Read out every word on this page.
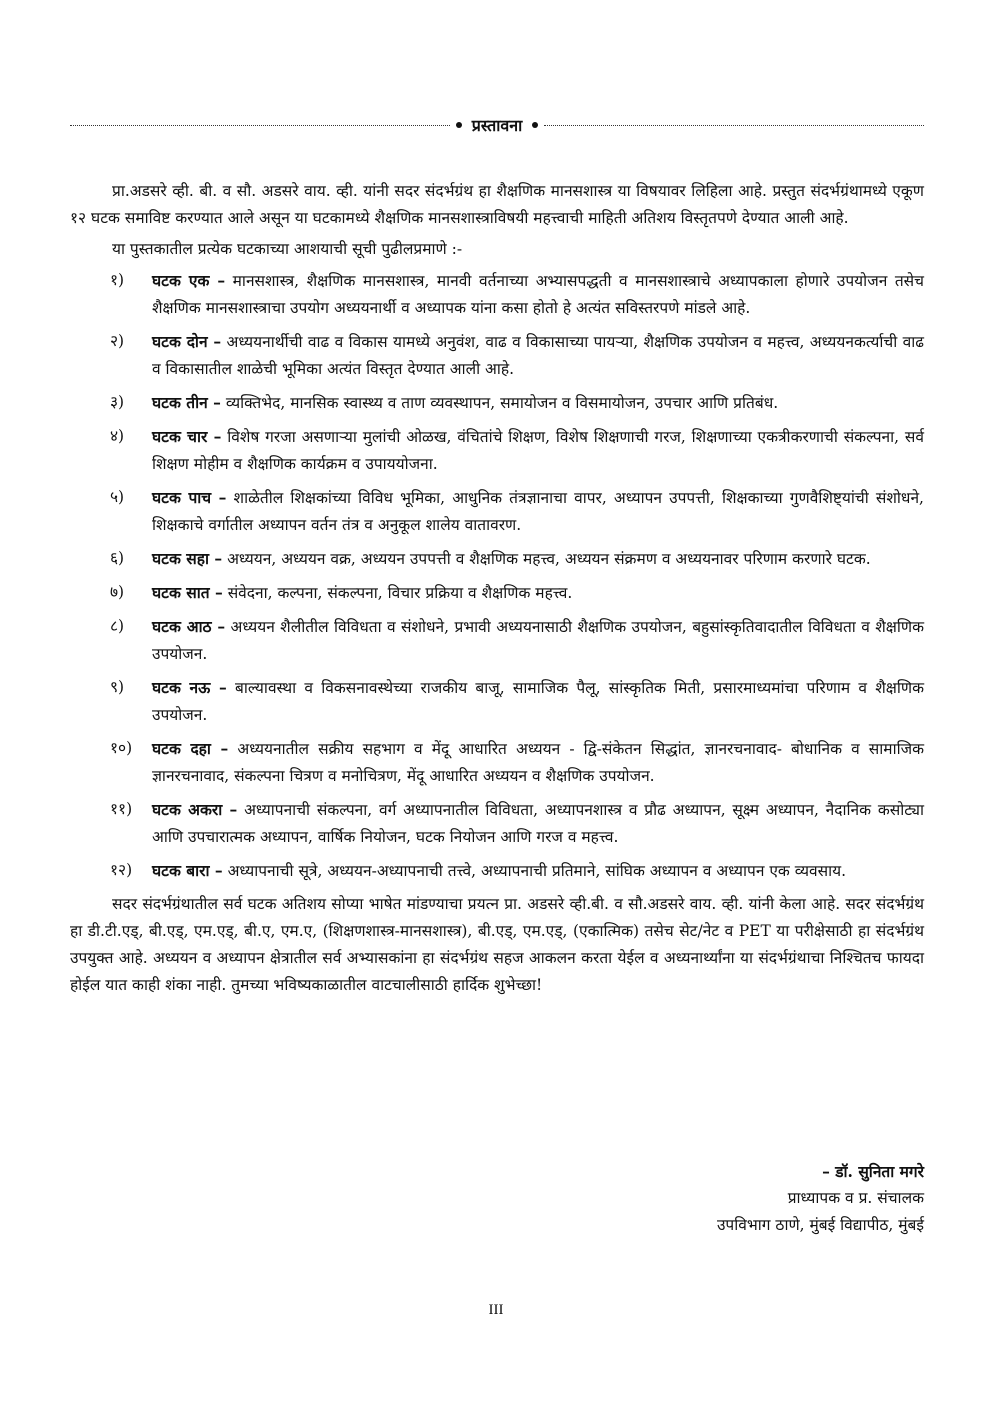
प्रस्तावना

प्रा.अडसरे व्ही. बी. व सौ. अडसरे वाय. व्ही. यांनी सदर संदर्भग्रंथ हा शैक्षणिक मानसशास्त्र या विषयावर लिहिला आहे. प्रस्तुत संदर्भग्रंथामध्ये एकूण १२ घटक समाविष्ट करण्यात आले असून या घटकामध्ये शैक्षणिक मानसशास्त्राविषयी महत्त्वाची माहिती अतिशय विस्तृतपणे देण्यात आली आहे.

या पुस्तकातील प्रत्येक घटकाच्या आशयाची सूची पुढीलप्रमाणे :-

१)	घटक एक – मानसशास्त्र, शैक्षणिक मानसशास्त्र, मानवी वर्तनाच्या अभ्यासपद्धती व मानसशास्त्राचे अध्यापकाला होणारे उपयोजन तसेच शैक्षणिक मानसशास्त्राचा उपयोग अध्ययनार्थी व अध्यापक यांना कसा होतो हे अत्यंत सविस्तरपणे मांडले आहे.
२)	घटक दोन – अध्ययनार्थीची वाढ व विकास यामध्ये अनुवंश, वाढ व विकासाच्या पायऱ्या, शैक्षणिक उपयोजन व महत्त्व, अध्ययनकर्त्याची वाढ व विकासातील शाळेची भूमिका अत्यंत विस्तृत देण्यात आली आहे.
३)	घटक तीन – व्यक्तिभेद, मानसिक स्वास्थ्य व ताण व्यवस्थापन, समायोजन व विसमायोजन, उपचार आणि प्रतिबंध.
४)	घटक चार – विशेष गरजा असणाऱ्या मुलांची ओळख, वंचितांचे शिक्षण, विशेष शिक्षणाची गरज, शिक्षणाच्या एकत्रीकरणाची संकल्पना, सर्व शिक्षण मोहीम व शैक्षणिक कार्यक्रम व उपाययोजना.
५)	घटक पाच – शाळेतील शिक्षकांच्या विविध भूमिका, आधुनिक तंत्रज्ञानाचा वापर, अध्यापन उपपत्ती, शिक्षकाच्या गुणवैशिष्ट्यांची संशोधने, शिक्षकाचे वर्गातील अध्यापन वर्तन तंत्र व अनुकूल शालेय वातावरण.
६)	घटक सहा – अध्ययन, अध्ययन वक्र, अध्ययन उपपत्ती व शैक्षणिक महत्त्व, अध्ययन संक्रमण व अध्ययनावर परिणाम करणारे घटक.
७)	घटक सात – संवेदना, कल्पना, संकल्पना, विचार प्रक्रिया व शैक्षणिक महत्त्व.
८)	घटक आठ – अध्ययन शैलीतील विविधता व संशोधने, प्रभावी अध्ययनासाठी शैक्षणिक उपयोजन, बहुसांस्कृतिवादातील विविधता व शैक्षणिक उपयोजन.
९)	घटक नऊ – बाल्यावस्था व विकसनावस्थेच्या राजकीय बाजू, सामाजिक पैलू, सांस्कृतिक मिती, प्रसारमाध्यमांचा परिणाम व शैक्षणिक उपयोजन.
१०)	घटक दहा – अध्ययनातील सक्रीय सहभाग व मेंदू आधारित अध्ययन - द्वि-संकेतन सिद्धांत, ज्ञानरचनावाद- बोधानिक व सामाजिक ज्ञानरचनावाद, संकल्पना चित्रण व मनोचित्रण, मेंदू आधारित अध्ययन व शैक्षणिक उपयोजन.
११)	घटक अकरा – अध्यापनाची संकल्पना, वर्ग अध्यापनातील विविधता, अध्यापनशास्त्र व प्रौढ अध्यापन, सूक्ष्म अध्यापन, नैदानिक कसोट्या आणि उपचारात्मक अध्यापन, वार्षिक नियोजन, घटक नियोजन आणि गरज व महत्त्व.
१२)	घटक बारा – अध्यापनाची सूत्रे, अध्ययन-अध्यापनाची तत्त्वे, अध्यापनाची प्रतिमाने, सांघिक अध्यापन व अध्यापन एक व्यवसाय.

सदर संदर्भग्रंथातील सर्व घटक अतिशय सोप्या भाषेत मांडण्याचा प्रयत्न प्रा. अडसरे व्ही.बी. व सौ.अडसरे वाय. व्ही. यांनी केला आहे. सदर संदर्भग्रंथ हा डी.टी.एड्, बी.एड्, एम.एड्, बी.ए, एम.ए, (शिक्षणशास्त्र-मानसशास्त्र), बी.एड्, एम.एड्, (एकात्मिक) तसेच सेट/नेट व PET या परीक्षेसाठी हा संदर्भग्रंथ उपयुक्त आहे. अध्ययन व अध्यापन क्षेत्रातील सर्व अभ्यासकांना हा संदर्भग्रंथ सहज आकलन करता येईल व अध्यनार्थ्यांना या संदर्भग्रंथाचा निश्चितच फायदा होईल यात काही शंका नाही. तुमच्या भविष्यकाळातील वाटचालीसाठी हार्दिक शुभेच्छा!

– डॉ. सुनिता मगरे
प्राध्यापक व प्र. संचालक
उपविभाग ठाणे, मुंबई विद्यापीठ, मुंबई
III
